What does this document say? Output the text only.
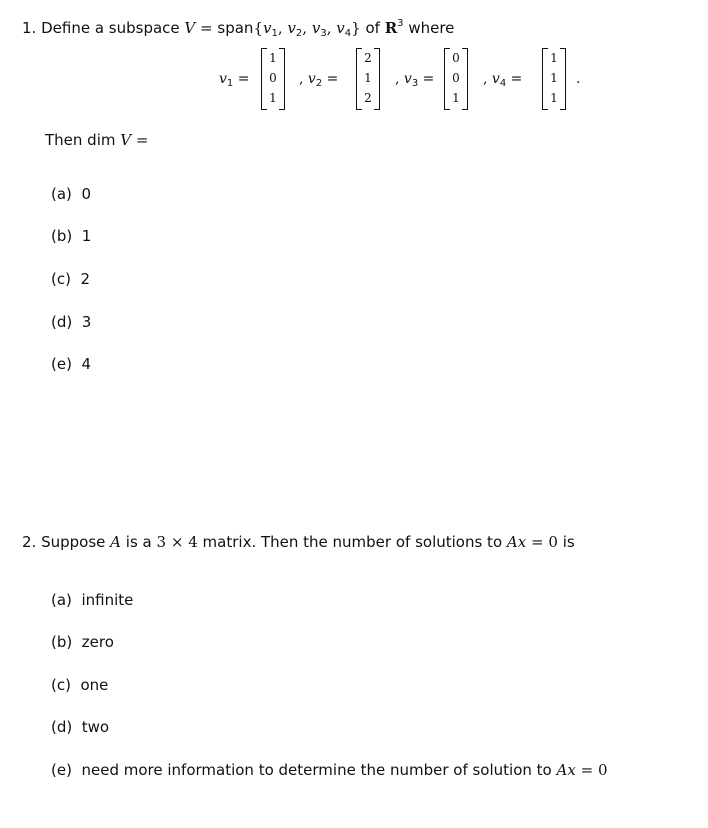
1. Define a subspace $V = span\{v_1$, $v_2$, $v_3$, $v_4$} of $R^3$ where
$v_1$ =
1
0
1
, $v_2$ =
2
1
2
, $v_3$ =
0
0
1
, $v_4$ =
1
1
1
.
Then dim V =
(a) 0
(b) 1
(c) 2
(d) 3
(e) 4
2. Suppose A is a 3 × 4 matrix. Then the number of solutions to Ax = 0 is
(a) infinite
(b) zero
(c) one
(d) two
(e) need more information to determine the number of solution to Ax = 0
